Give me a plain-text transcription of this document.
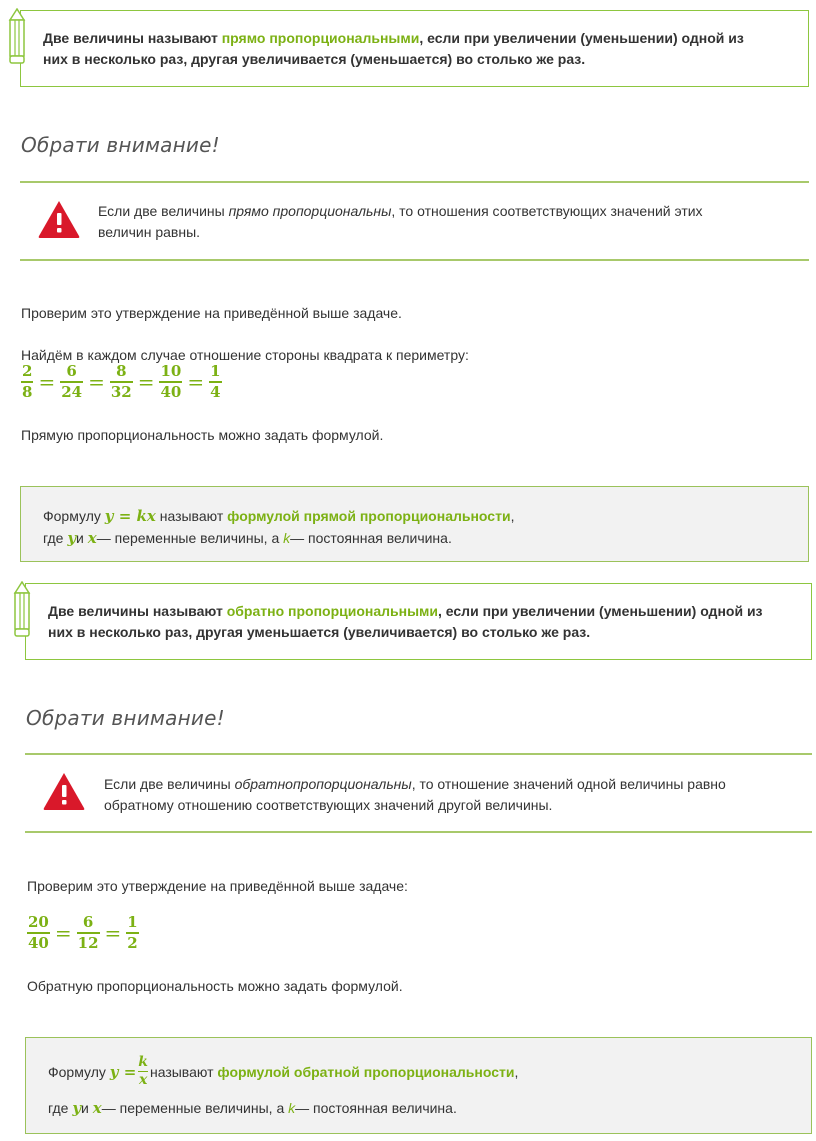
Две величины называют прямо пропорциональными, если при увеличении (уменьшении) одной из
них в несколько раз, другая увеличивается (уменьшается) во столько же раз.
Обрати внимание!
Если две величины прямо пропорциональны, то отношения соответствующих значений этих
величин равны.
Проверим это утверждение на приведённой выше задаче.
Найдём в каждом случае отношение стороны квадрата к периметру:
$\frac{2}{8} = \frac{6}{24} = \frac{8}{32} = \frac{10}{40} = \frac{1}{4}$
Прямую пропорциональность можно задать формулой.
Формулу y = kx называют формулой прямой пропорциональности,
где yи x— переменные величины, а k— постоянная величина.
Две величины называют обратно пропорциональными, если при увеличении (уменьшении) одной из
них в несколько раз, другая уменьшается (увеличивается) во столько же раз.
Обрати внимание!
Если две величины обратнопропорциональны, то отношение значений одной величины равно
обратному отношению соответствующих значений другой величины.
Проверим это утверждение на приведённой выше задаче:
$\frac{20}{40} = \frac{6}{12} = \frac{1}{2}$
Обратную пропорциональность можно задать формулой.
Формулу
$y = \frac{k}{x}$ называют
формулой обратной пропорциональности ,
где yи x— переменные величины, а k— постоянная величина.
